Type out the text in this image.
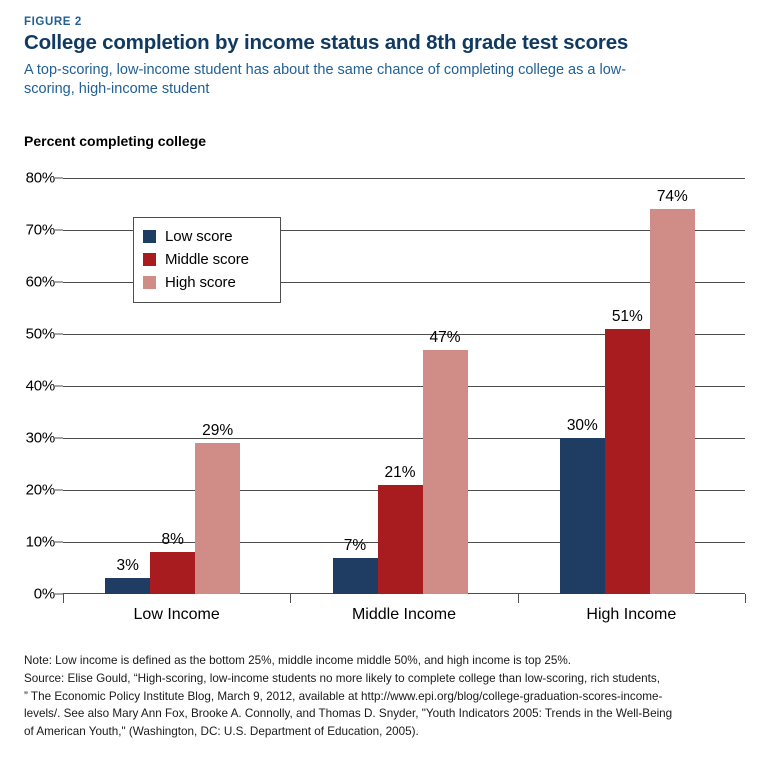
FIGURE 2
College completion by income status and 8th grade test scores

A top-scoring, low-income student has about the same chance of completing college as a low-scoring, high-income student

Percent completing college
0%
10%
20%
30%
40%
50%
60%
70%
80%
3%
8%
29%
7%
21%
47%
30%
51%
74%
Low Income	Middle Income	High Income
Low score
Middle score
High score

Note: Low income is defined as the bottom 25%, middle income middle 50%, and high income is top 25%.

Source: Elise Gould, “High-scoring, low-income students no more likely to complete college than low-scoring, rich students,

” The Economic Policy Institute Blog, March 9, 2012, available at http://www.epi.org/blog/college-graduation-scores-income-

levels/. See also Mary Ann Fox, Brooke A. Connolly, and Thomas D. Snyder, "Youth Indicators 2005: Trends in the Well-Being

of American Youth," (Washington, DC: U.S. Department of Education, 2005).
